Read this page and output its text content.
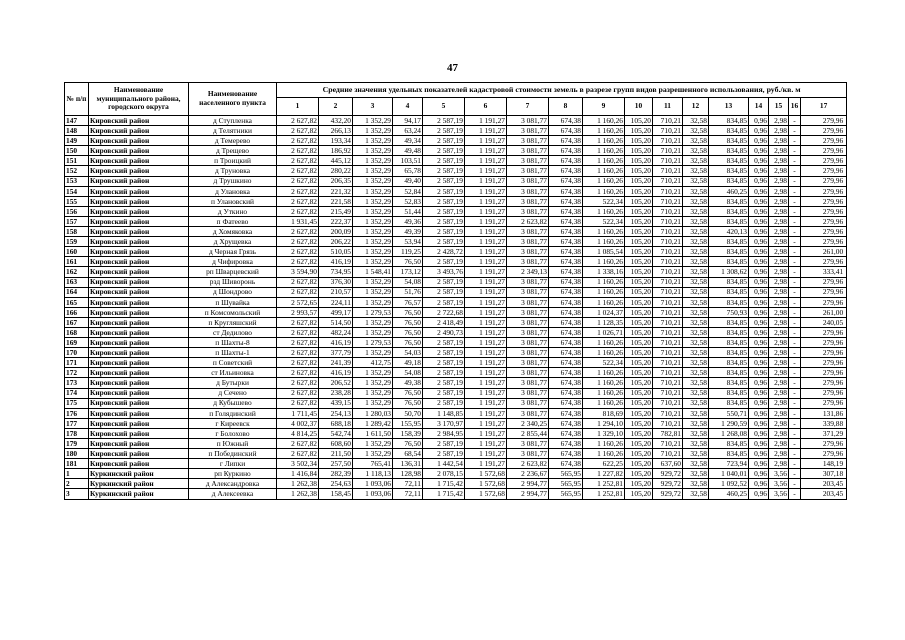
47
№ п/п	Наименование муниципального района, городского округа	Наименование населенного пункта	Средние значения удельных показателей кадастровой стоимости земель в разрезе групп видов разрешенного использования, руб./кв. м																
			1	2	3	4	5	6	7	8	9	10	11	12	13	14	15	16	17
147	Кировский район	д Ступленка	2 627,82	432,20	1 352,29	94,17	2 587,19	1 191,27	3 081,77	674,38	1 160,26	105,20	710,21	32,58	834,85	0,96	2,98	-	279,96
148	Кировский район	д Телятники	2 627,82	266,13	1 352,29	63,24	2 587,19	1 191,27	3 081,77	674,38	1 160,26	105,20	710,21	32,58	834,85	0,96	2,98	-	279,96
149	Кировский район	д Темерево	2 627,82	193,34	1 352,29	49,34	2 587,19	1 191,27	3 081,77	674,38	1 160,26	105,20	710,21	32,58	834,85	0,96	2,98	-	279,96
150	Кировский район	д Трещево	2 627,82	186,92	1 352,29	49,48	2 587,19	1 191,27	3 081,77	674,38	1 160,26	105,20	710,21	32,58	834,85	0,96	2,98	-	279,96
151	Кировский район	п Троицкий	2 627,82	445,12	1 352,29	103,51	2 587,19	1 191,27	3 081,77	674,38	1 160,26	105,20	710,21	32,58	834,85	0,96	2,98	-	279,96
152	Кировский район	д Труновка	2 627,82	280,22	1 352,29	65,78	2 587,19	1 191,27	3 081,77	674,38	1 160,26	105,20	710,21	32,58	834,85	0,96	2,98	-	279,96
153	Кировский район	д Трушкино	2 627,82	206,35	1 352,29	49,40	2 587,19	1 191,27	3 081,77	674,38	1 160,26	105,20	710,21	32,58	834,85	0,96	2,98	-	279,96
154	Кировский район	д Улановка	2 627,82	221,32	1 352,29	52,84	2 587,19	1 191,27	3 081,77	674,38	1 160,26	105,20	710,21	32,58	460,25	0,96	2,98	-	279,96
155	Кировский район	п Улановский	2 627,82	221,58	1 352,29	52,83	2 587,19	1 191,27	3 081,77	674,38	522,34	105,20	710,21	32,58	834,85	0,96	2,98	-	279,96
156	Кировский район	д Уткино	2 627,82	215,49	1 352,29	51,44	2 587,19	1 191,27	3 081,77	674,38	1 160,26	105,20	710,21	32,58	834,85	0,96	2,98	-	279,96
157	Кировский район	п Фатеево	1 931,45	222,37	1 352,29	49,36	2 587,19	1 191,27	2 623,82	674,38	522,34	105,20	710,21	32,58	834,85	0,96	2,98	-	279,96
158	Кировский район	д Хомяковка	2 627,82	200,09	1 352,29	49,39	2 587,19	1 191,27	3 081,77	674,38	1 160,26	105,20	710,21	32,58	420,13	0,96	2,98	-	279,96
159	Кировский район	д Хрущевка	2 627,82	206,22	1 352,29	53,94	2 587,19	1 191,27	3 081,77	674,38	1 160,26	105,20	710,21	32,58	834,85	0,96	2,98	-	279,96
160	Кировский район	д Черная Грязь	2 627,82	510,05	1 352,29	119,25	2 428,72	1 191,27	3 081,77	674,38	1 085,54	105,20	710,21	32,58	834,85	0,96	2,98	-	261,00
161	Кировский район	д Чифировка	2 627,82	416,19	1 352,29	76,50	2 587,19	1 191,27	3 081,77	674,38	1 160,26	105,20	710,21	32,58	834,85	0,96	2,98	-	279,96
162	Кировский район	рп Шварцевский	3 594,90	734,95	1 548,41	173,12	3 493,76	1 191,27	2 349,13	674,38	1 338,16	105,20	710,21	32,58	1 308,62	0,96	2,98	-	333,41
163	Кировский район	рзд Шиворонь	2 627,82	376,30	1 352,29	54,08	2 587,19	1 191,27	3 081,77	674,38	1 160,26	105,20	710,21	32,58	834,85	0,96	2,98	-	279,96
164	Кировский район	д Шондрово	2 627,82	210,57	1 352,29	51,76	2 587,19	1 191,27	3 081,77	674,38	1 160,26	105,20	710,21	32,58	834,85	0,96	2,98	-	279,96
165	Кировский район	п Шувайка	2 572,65	224,11	1 352,29	76,57	2 587,19	1 191,27	3 081,77	674,38	1 160,26	105,20	710,21	32,58	834,85	0,96	2,98	-	279,96
166	Кировский район	п Комсомольский	2 993,57	499,17	1 279,53	76,50	2 722,68	1 191,27	3 081,77	674,38	1 024,37	105,20	710,21	32,58	750,93	0,96	2,98	-	261,00
167	Кировский район	п Кругляшский	2 627,82	514,50	1 352,29	76,50	2 418,49	1 191,27	3 081,77	674,38	1 128,35	105,20	710,21	32,58	834,85	0,96	2,98	-	240,05
168	Кировский район	ст Дедилово	2 627,82	482,24	1 352,29	76,50	2 490,73	1 191,27	3 081,77	674,38	1 026,71	105,20	710,21	32,58	834,85	0,96	2,98	-	279,96
169	Кировский район	п Шахты-8	2 627,82	416,19	1 279,53	76,50	2 587,19	1 191,27	3 081,77	674,38	1 160,26	105,20	710,21	32,58	834,85	0,96	2,98	-	279,96
170	Кировский район	п Шахты-1	2 627,82	377,79	1 352,29	54,03	2 587,19	1 191,27	3 081,77	674,38	1 160,26	105,20	710,21	32,58	834,85	0,96	2,98	-	279,96
171	Кировский район	п Советский	2 627,82	241,39	412,75	49,18	2 587,19	1 191,27	3 081,77	674,38	522,34	105,20	710,21	32,58	834,85	0,96	2,98	-	279,96
172	Кировский район	ст Ильиновка	2 627,82	416,19	1 352,29	54,08	2 587,19	1 191,27	3 081,77	674,38	1 160,26	105,20	710,21	32,58	834,85	0,96	2,98	-	279,96
173	Кировский район	д Бутырки	2 627,82	206,52	1 352,29	49,38	2 587,19	1 191,27	3 081,77	674,38	1 160,26	105,20	710,21	32,58	834,85	0,96	2,98	-	279,96
174	Кировский район	д Сечено	2 627,82	238,28	1 352,29	76,50	2 587,19	1 191,27	3 081,77	674,38	1 160,26	105,20	710,21	32,58	834,85	0,96	2,98	-	279,96
175	Кировский район	д Кубышево	2 627,82	439,15	1 352,29	76,50	2 587,19	1 191,27	3 081,77	674,38	1 160,26	105,20	710,21	32,58	834,85	0,96	2,98	-	279,96
176	Кировский район	п Голядинский	1 711,45	254,13	1 280,03	50,70	1 148,85	1 191,27	3 081,77	674,38	818,69	105,20	710,21	32,58	550,71	0,96	2,98	-	131,86
177	Кировский район	г Киреевск	4 002,37	688,18	1 289,42	155,95	3 170,97	1 191,27	2 340,25	674,38	1 294,10	105,20	710,21	32,58	1 290,59	0,96	2,98	-	339,88
178	Кировский район	г Болохово	4 814,25	542,74	1 611,50	158,39	2 984,95	1 191,27	2 855,44	674,38	1 329,10	105,20	782,81	32,58	1 268,08	0,96	2,98	-	371,29
179	Кировский район	п Южный	2 627,82	608,60	1 352,29	76,50	2 587,19	1 191,27	3 081,77	674,38	1 160,26	105,20	710,21	32,58	834,85	0,96	2,98	-	279,96
180	Кировский район	п Побединский	2 627,82	211,50	1 352,29	68,54	2 587,19	1 191,27	3 081,77	674,38	1 160,26	105,20	710,21	32,58	834,85	0,96	2,98	-	279,96
181	Кировский район	г Липки	3 502,34	257,50	765,41	136,31	1 442,54	1 191,27	2 623,82	674,38	622,25	105,20	637,60	32,58	723,94	0,96	2,98	-	148,19
1	Куркинский район	рп Куркино	1 416,84	282,39	1 118,13	128,98	2 078,15	1 572,68	2 236,67	565,95	1 227,82	105,20	929,72	32,58	1 040,01	0,96	3,56	-	307,18
2	Куркинский район	д Александровка	1 262,38	254,63	1 093,06	72,11	1 715,42	1 572,68	2 994,77	565,95	1 252,81	105,20	929,72	32,58	1 092,52	0,96	3,56	-	203,45
3	Куркинский район	д Алексеевка	1 262,38	158,45	1 093,06	72,11	1 715,42	1 572,68	2 994,77	565,95	1 252,81	105,20	929,72	32,58	460,25	0,96	3,56	-	203,45
